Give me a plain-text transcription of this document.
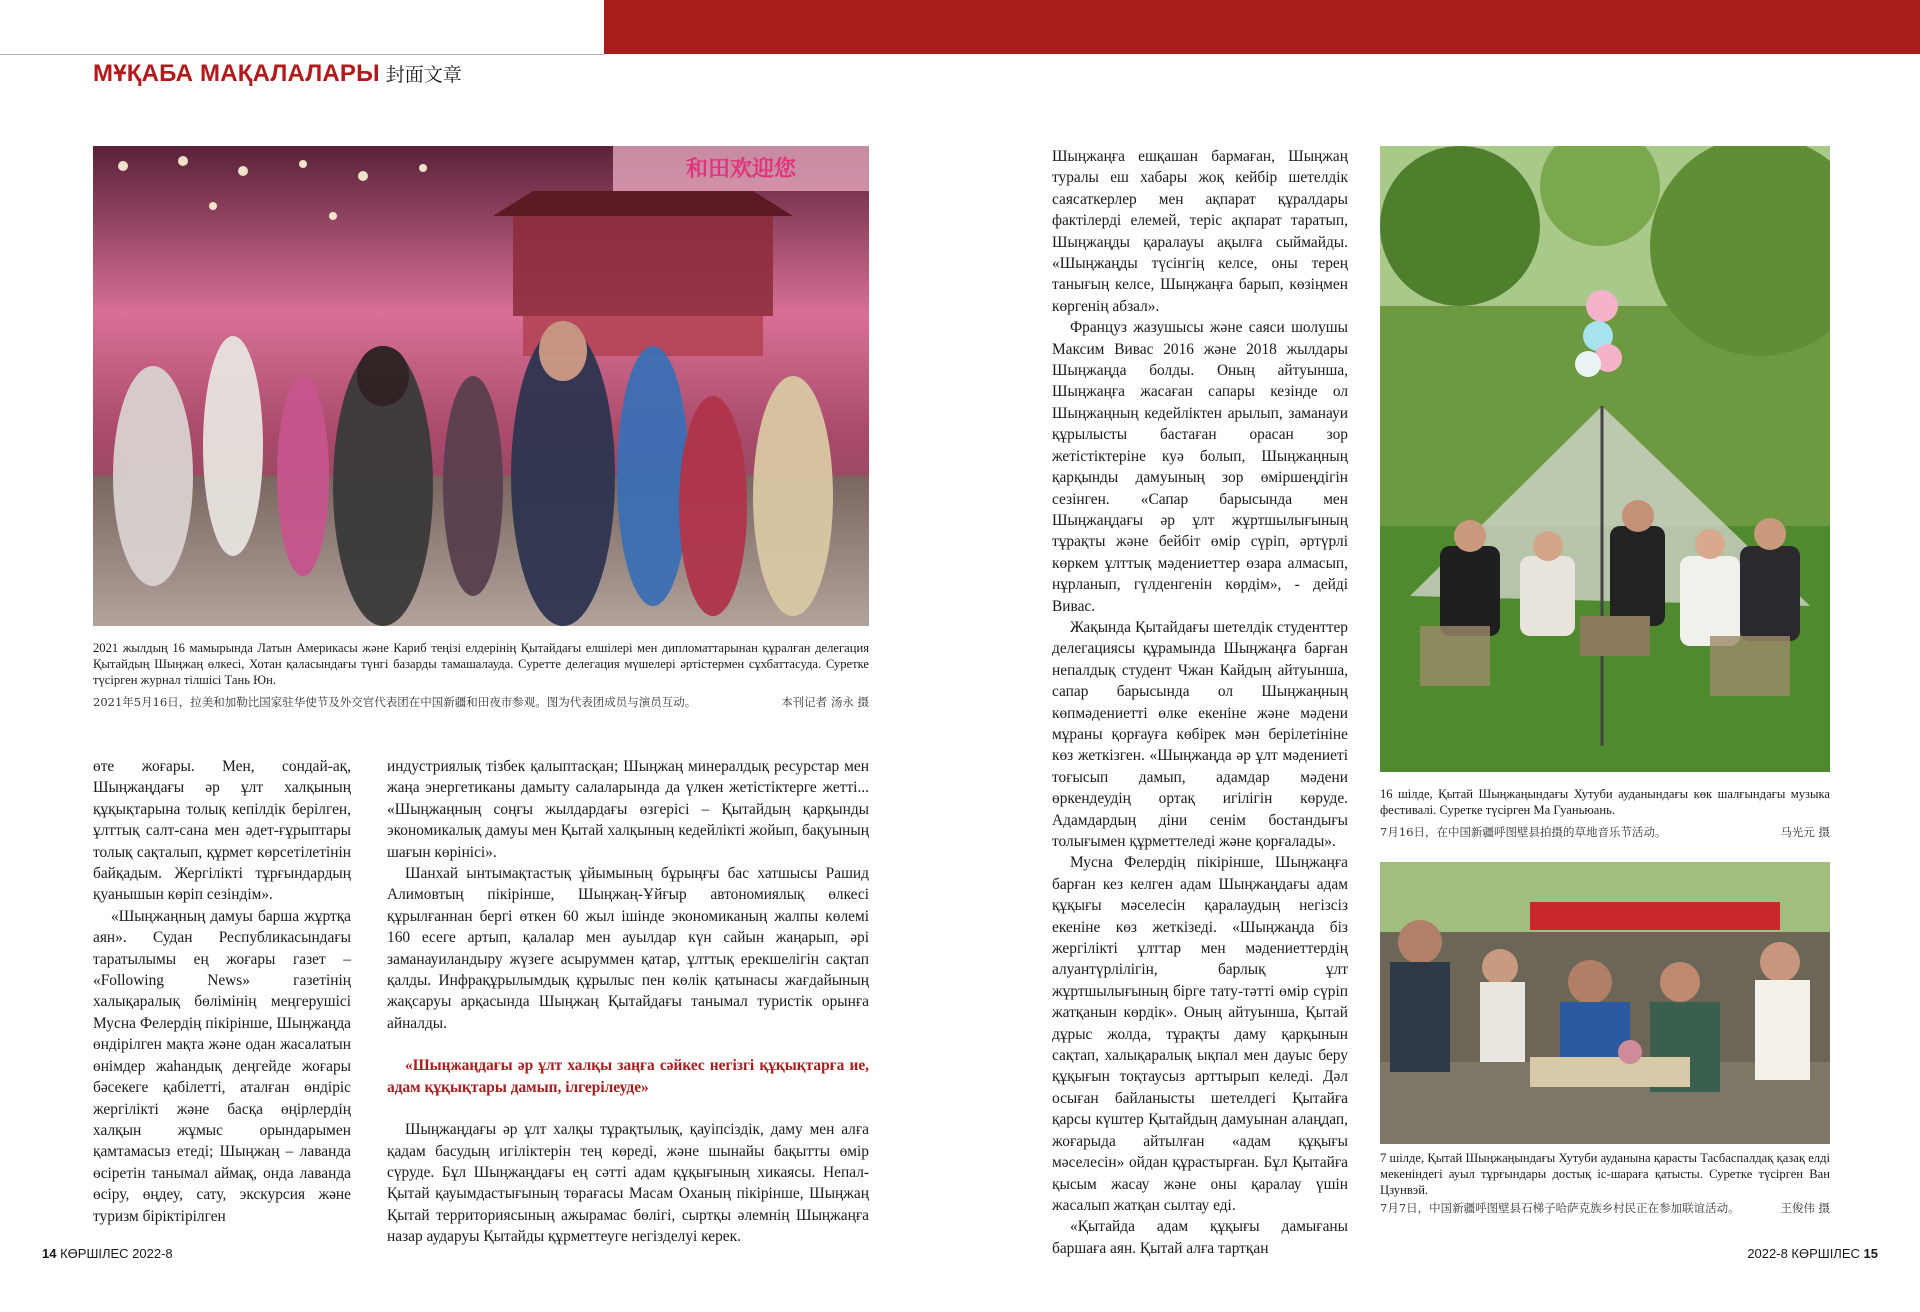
МҰҚАБА МАҚАЛАЛАРЫ 封面文章
和田欢迎您
2021 жылдың 16 мамырында Латын Америкасы және Кариб теңізі елдерінің Қытайдағы елшілері мен дипломаттарынан құралған делегация Қытайдың Шыңжаң өлкесі, Хотан қаласындағы түнгі базарды тамашалауда. Суретте делегация мүшелері әртістермен сұхбаттасуда. Суретке түсірген журнал тілшісі Тань Юн.
2021年5月16日，拉美和加勒比国家驻华使节及外交官代表团在中国新疆和田夜市参观。图为代表团成员与演员互动。	本刊记者 汤永 摄

өте жоғары. Мен, сондай-ақ, Шыңжаңдағы әр ұлт халқының құқықтарына толық кепілдік берілген, ұлттық салт-сана мен әдет-ғұрыптары толық сақталып, құрмет көрсетілетінін байқадым. Жергілікті тұрғындардың қуанышын көріп сезіндім».

«Шыңжаңның дамуы барша жұртқа аян». Судан Республикасындағы таратылымы ең жоғары газет – «Following News» газетінің халықаралық бөлімінің меңгерушісі Мусна Фелердің пікірінше, Шыңжаңда өндірілген мақта және одан жасалатын өнімдер жаһандық деңгейде жоғары бәсекеге қабілетті, аталған өндіріс жергілікті және басқа өңірлердің халқын жұмыс орындарымен қамтамасыз етеді; Шыңжаң – лаванда өсіретін танымал аймақ, онда лаванда өсіру, өңдеу, сату, экскурсия және туризм біріктірілген

индустриялық тізбек қалыптасқан; Шыңжаң минералдық ресурстар мен жаңа энергетиканы дамыту салаларында да үлкен жетістіктерге жетті... «Шыңжаңның соңғы жылдардағы өзгерісі – Қытайдың қарқынды экономикалық дамуы мен Қытай халқының кедейлікті жойып, бақуының шағын көрінісі».

Шанхай ынтымақтастық ұйымының бұрыңғы бас хатшысы Рашид Алимовтың пікірінше, Шыңжаң-Ұйғыр автономиялық өлкесі құрылғаннан бергі өткен 60 жыл ішінде экономиканың жалпы көлемі 160 есеге артып, қалалар мен ауылдар күн сайын жаңарып, әрі заманауиландыру жүзеге асыруммен қатар, ұлттық ерекшелігін сақтап қалды. Инфрақұрылымдық құрылыс пен көлік қатынасы жағдайының жақсаруы арқасында Шыңжаң Қытайдағы танымал туристік орынға айналды.

«Шыңжаңдағы әр ұлт халқы заңға сәйкес негізгі құқықтарға ие, адам құқықтары дамып, ілгерілеуде»

Шыңжаңдағы әр ұлт халқы тұрақтылық, қауіпсіздік, даму мен алға қадам басудың игіліктерін тең көреді, және шынайы бақытты өмір сүруде. Бұл Шыңжаңдағы ең сәтті адам құқығының хикаясы. Непал-Қытай қауымдастығының төрағасы Масам Оханың пікірінше, Шыңжаң Қытай территориясының ажырамас бөлігі, сыртқы әлемнің Шыңжаңға назар аударуы Қытайды құрметтеуге негізделуі керек.

Шыңжаңға ешқашан бармаған, Шыңжаң туралы еш хабары жоқ кейбір шетелдік саясаткерлер мен ақпарат құралдары фактілерді елемей, теріс ақпарат таратып, Шыңжаңды қаралауы ақылға сыймайды. «Шыңжаңды түсінгің келсе, оны терең танығың келсе, Шыңжаңға барып, көзіңмен көргенің абзал».

Француз жазушысы және саяси шолушы Максим Вивас 2016 және 2018 жылдары Шыңжаңда болды. Оның айтуынша, Шыңжаңға жасаған сапары кезінде ол Шыңжаңның кедейліктен арылып, заманауи құрылысты бастаған орасан зор жетістіктеріне куә болып, Шыңжаңның қарқынды дамуының зор өміршеңдігін сезінген. «Сапар барысында мен Шыңжаңдағы әр ұлт жұртшылығының тұрақты және бейбіт өмір сүріп, әртүрлі көркем ұлттық мәдениеттер өзара алмасып, нұрланып, гүлденгенін көрдім», - дейді Вивас.

Жақында Қытайдағы шетелдік студенттер делегациясы құрамында Шыңжаңға барған непалдық студент Чжан Кайдың айтуынша, сапар барысында ол Шыңжаңның көпмәдениетті өлке екеніне және мәдени мұраны қорғауға көбірек мән берілетініне көз жеткізген. «Шыңжаңда әр ұлт мәдениеті тоғысып дамып, адамдар мәдени өркендеудің ортақ игілігін көруде. Адамдардың діни сенім бостандығы толығымен құрметтеледі және қорғалады».

Мусна Фелердің пікірінше, Шыңжаңға барған кез келген адам Шыңжаңдағы адам құқығы мәселесін қаралаудың негізсіз екеніне көз жеткізеді. «Шыңжаңда біз жергілікті ұлттар мен мәдениеттердің алуантүрлілігін, барлық ұлт жұртшылығының бірге тату-тәтті өмір сүріп жатқанын көрдік». Оның айтуынша, Қытай дұрыс жолда, тұрақты даму қарқынын сақтап, халықаралық ықпал мен дауыс беру құқығын тоқтаусыз арттырып келеді. Дәл осыған байланысты шетелдегі Қытайға қарсы күштер Қытайдың дамуынан алаңдап, жоғарыда айтылған «адам құқығы мәселесін» ойдан құрастырған. Бұл Қытайға қысым жасау және оны қаралау үшін жасалып жатқан сылтау еді.

«Қытайда адам құқығы дамығаны баршаға аян. Қытай алға тартқан

16 шілде, Қытай Шыңжаңындағы Хутуби ауданындағы көк шалғындағы музыка фестивалі. Суретке түсірген Ма Гуаньюань.
7月16日，在中国新疆呼图壁县拍摄的草地音乐节活动。	马光元 摄
7 шілде, Қытай Шыңжаңындағы Хутуби ауданына қарасты Тасбаспалдақ қазақ елді мекеніндегі ауыл тұрғындары достық іс-шараға қатысты. Суретке түсірген Ван Цзунвэй.
7月7日，中国新疆呼图壁县石梯子哈萨克族乡村民正在参加联谊活动。	王俊伟 摄
14 КӨРШІЛЕС 2022-8	2022-8 КӨРШІЛЕС 15
